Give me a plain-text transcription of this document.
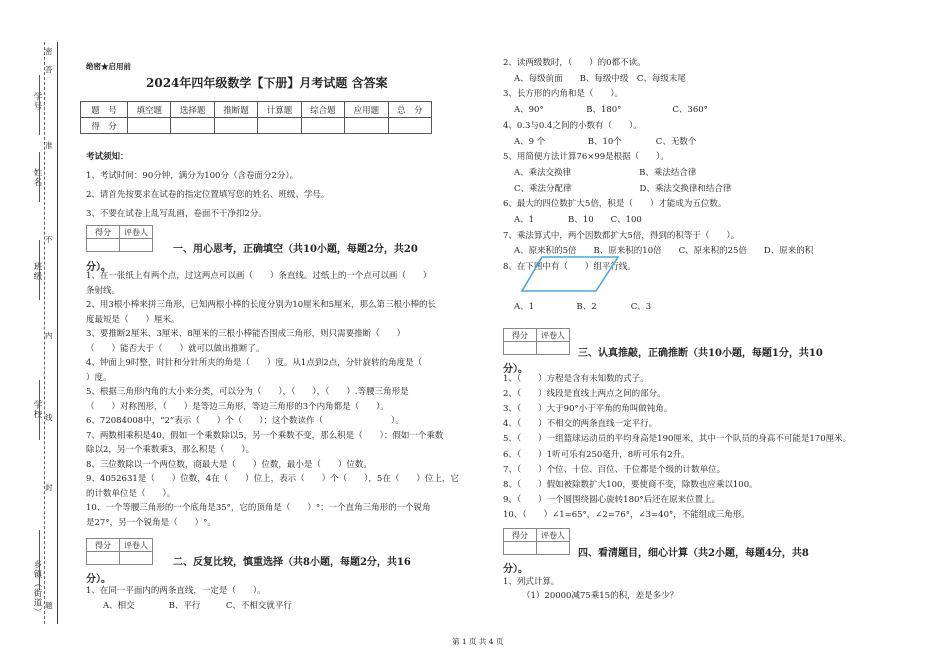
学号
姓名
班级
学校
乡镇（街道）
密
封
线
内
不
准
答
题
绝密★启用前
2024年四年级数学【下册】月考试题 含答案
题　号	填空题	选择题	推断题	计算题	综合题	应用题	总　分
得　分							
考试须知：
1、考试时间：90分钟，满分为100分（含卷面分2分）。
2、请首先按要求在试卷的指定位置填写您的姓名、班级、学号。
3、不要在试卷上乱写乱画，卷面不干净扣2分。
得分	评卷人

一、用心思考，正确填空（共10小题，每题2分，共20
分）。
1、在一张纸上有两个点，过这两点可以画（　　）条直线。过纸上的一个点可以画（　　）
条射线。
2、用3根小棒来拼三角形，已知两根小棒的长度分别为10厘米和5厘米，那么第三根小棒的长
度最短是（　　）厘米。
3、要推断2厘米、3厘米、8厘米的三根小棒能否围成三角形，则只需要推断（　　）
（　　）能否大于（　　）就可以做出推断了。
4、钟面上9时整，时针和分针所夹的角是（　　）度。从1点到2点，分针旋转的角度是（
）度。
5、根据三角形内角的大小来分类，可以分为（　　），（　　），（　　）.等腰三角形是
（　　）对称图形，（　　）是等边三角形，等边三角形的3个内角都是（　　）。
6、72084008中，“2”表示（　　）个（　　）；这个数读作（　　　　　　　　）。
7、两数相乘积是40，假如一个乘数除以5，另一个乘数不变，那么积是（　　）；假如一个乘数
除以2，另一个乘数乘3，那么积是（　　）。
8、三位数除以一个两位数，商最大是（　　）位数，最小是（　　）位数。
9、4052631是（　　）位数，4在（　　）位上，表示（　　）个（　　），5在（　　）位上，它
的计数单位是（　　）。
10、一个等腰三角形的一个底角是35°，它的顶角是（　　）°；一个直角三角形的一个锐角
是27°，另一个锐角是（　　）°。
得分	评卷人

二、反复比较，慎重选择（共8小题，每题2分，共16
分）。
1、在同一平面内的两条直线，一定是（　　）。
A、相交　　　　B、平行　　　C、不相交就平行
2、读两级数时，（　　）的0都不读。
A、每级前面　　B、每级中级　C、每级末尾
3、长方形的内角和是（　　）。
A、90°　　　　　B、180°　　　　　　C、360°
4、0.3与0.4之间的小数有（　　）。
A、9 个　　　　　B、10个　　　　C、无数个
5、用简便方法计算76×99是根据（　　）。
A、乘法交换律　　　　　　　　B、乘法结合律
C、乘法分配律　　　　　　　　D、乘法交换律和结合律
6、最大的四位数扩大5倍，积是（　　）才能成为五位数。
A、1　　　　B、10　　C、100
7、乘法算式中，两个因数都扩大5倍，得到的积等于（　　）。
A、原来积的5倍　　B、原来积的10倍　　C、原来积的25倍　　D、原来的积
8、在下图中有（　　）组平行线。
A、1　　　　　B、2　　　　C、3
得分	评卷人

三、认真推敲，正确推断（共10小题，每题1分，共10
分）。
1、（　　）方程是含有未知数的式子。
2、（　　）线段是直线上两点之间的部分。
3、（　　）大于90°小于平角的角叫做钝角。
4、（　　）不相交的两条直线一定平行。
5、（　　）一组篮球运动员的平均身高是190厘米，其中一个队员的身高不可能是170厘米。
6、（　　）1听可乐有250毫升，8听可乐有2升。
7、（　　）个位、十位、百位、千位都是个级的计数单位。
8、（　　）假如被除数扩大100，要使商不变，除数也应乘以100。
9、（　　）一个圆围绕圆心旋转180°后还在原来位置上。
10、（　　）∠1=65°，∠2=76°，∠3=40°，不能组成三角形。
得分	评卷人

四、看清题目，细心计算（共2小题，每题4分，共8
分）。
1、列式计算。
（1）20000减75乘15的积，差是多少？
第 1 页 共 4 页
